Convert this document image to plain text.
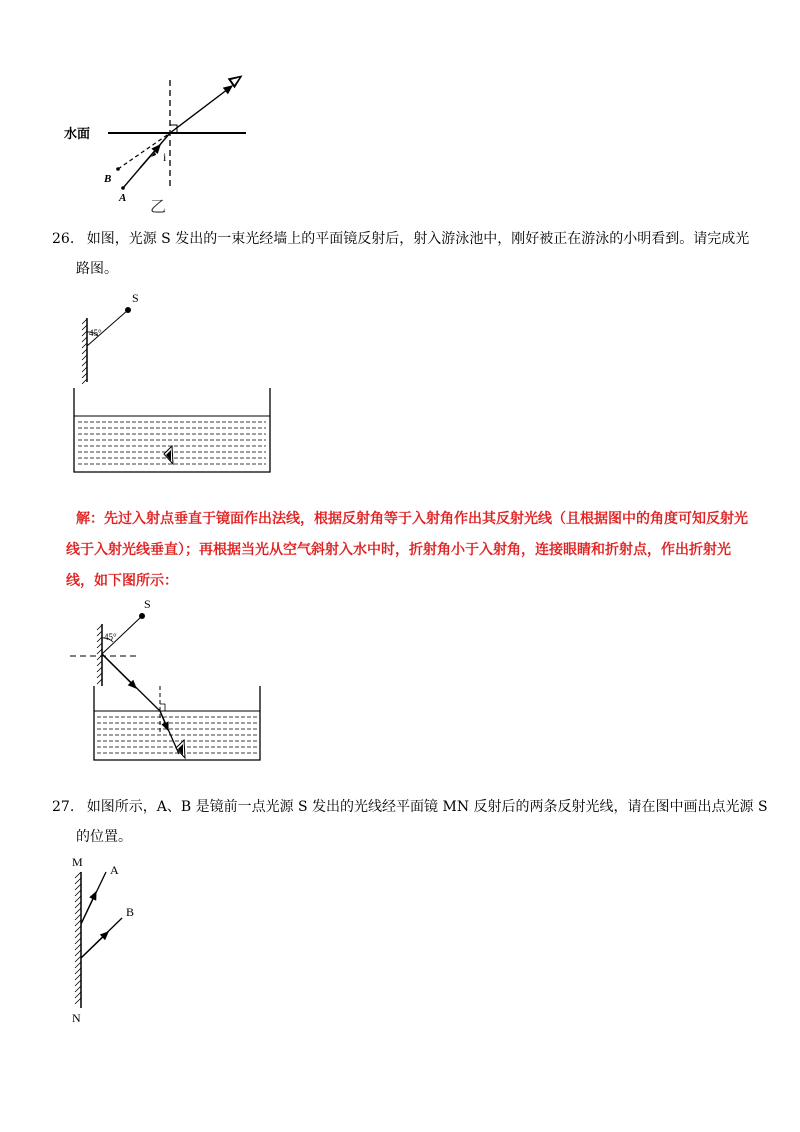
水面
B
A
i
乙
26. 如图，光源 S 发出的一束光经墙上的平面镜反射后，射入游泳池中，刚好被正在游泳的小明看到。请完成光
路图。
S
45°
解：先过入射点垂直于镜面作出法线，根据反射角等于入射角作出其反射光线（且根据图中的角度可知反射光
线于入射光线垂直）；再根据当光从空气斜射入水中时，折射角小于入射角，连接眼睛和折射点，作出折射光
线，如下图所示：
S
45°
27. 如图所示，A、B 是镜前一点光源 S 发出的光线经平面镜 MN 反射后的两条反射光线，请在图中画出点光源 S
的位置。
M
N
A
B
